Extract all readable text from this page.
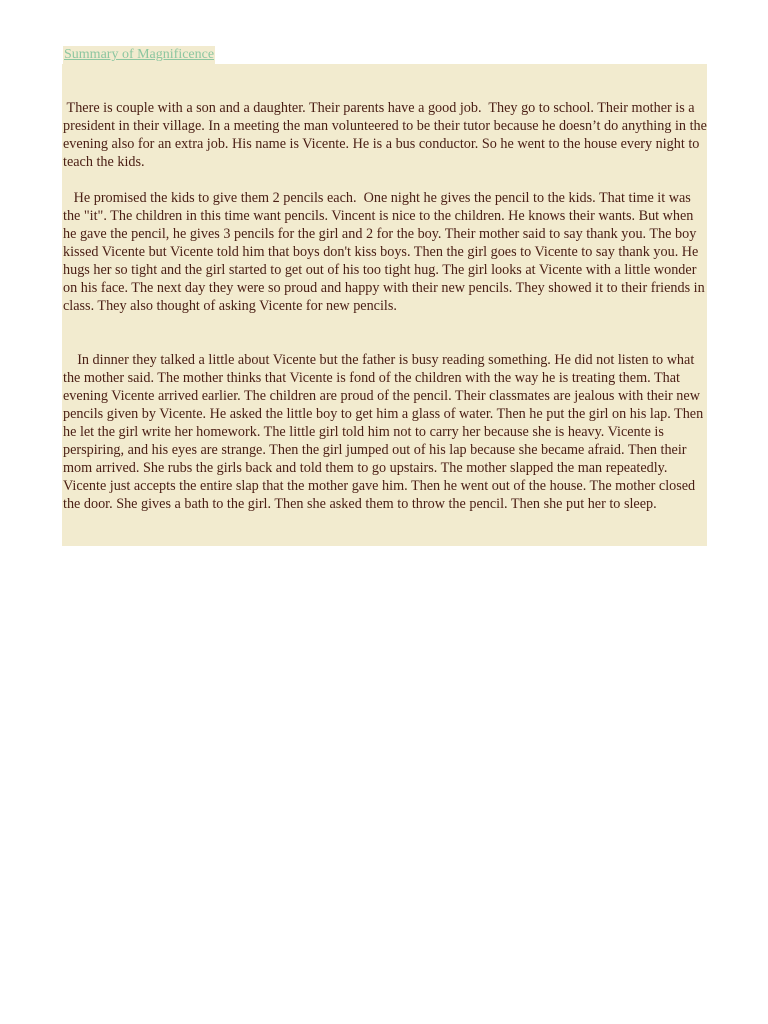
Summary of Magnificence

There is couple with a son and a daughter. Their parents have a good job.  They go to school. Their mother is a president in their village. In a meeting the man volunteered to be their tutor because he doesn’t do anything in the evening also for an extra job. His name is Vicente. He is a bus conductor. So he went to the house every night to teach the kids.

He promised the kids to give them 2 pencils each.  One night he gives the pencil to the kids. That time it was the "it". The children in this time want pencils. Vincent is nice to the children. He knows their wants. But when he gave the pencil, he gives 3 pencils for the girl and 2 for the boy. Their mother said to say thank you. The boy kissed Vicente but Vicente told him that boys don't kiss boys. Then the girl goes to Vicente to say thank you. He hugs her so tight and the girl started to get out of his too tight hug. The girl looks at Vicente with a little wonder on his face. The next day they were so proud and happy with their new pencils. They showed it to their friends in class. They also thought of asking Vicente for new pencils.

In dinner they talked a little about Vicente but the father is busy reading something. He did not listen to what the mother said. The mother thinks that Vicente is fond of the children with the way he is treating them. That evening Vicente arrived earlier. The children are proud of the pencil. Their classmates are jealous with their new pencils given by Vicente. He asked the little boy to get him a glass of water. Then he put the girl on his lap. Then he let the girl write her homework. The little girl told him not to carry her because she is heavy. Vicente is perspiring, and his eyes are strange. Then the girl jumped out of his lap because she became afraid. Then their mom arrived. She rubs the girls back and told them to go upstairs. The mother slapped the man repeatedly.  Vicente just accepts the entire slap that the mother gave him. Then he went out of the house. The mother closed the door. She gives a bath to the girl. Then she asked them to throw the pencil. Then she put her to sleep.
